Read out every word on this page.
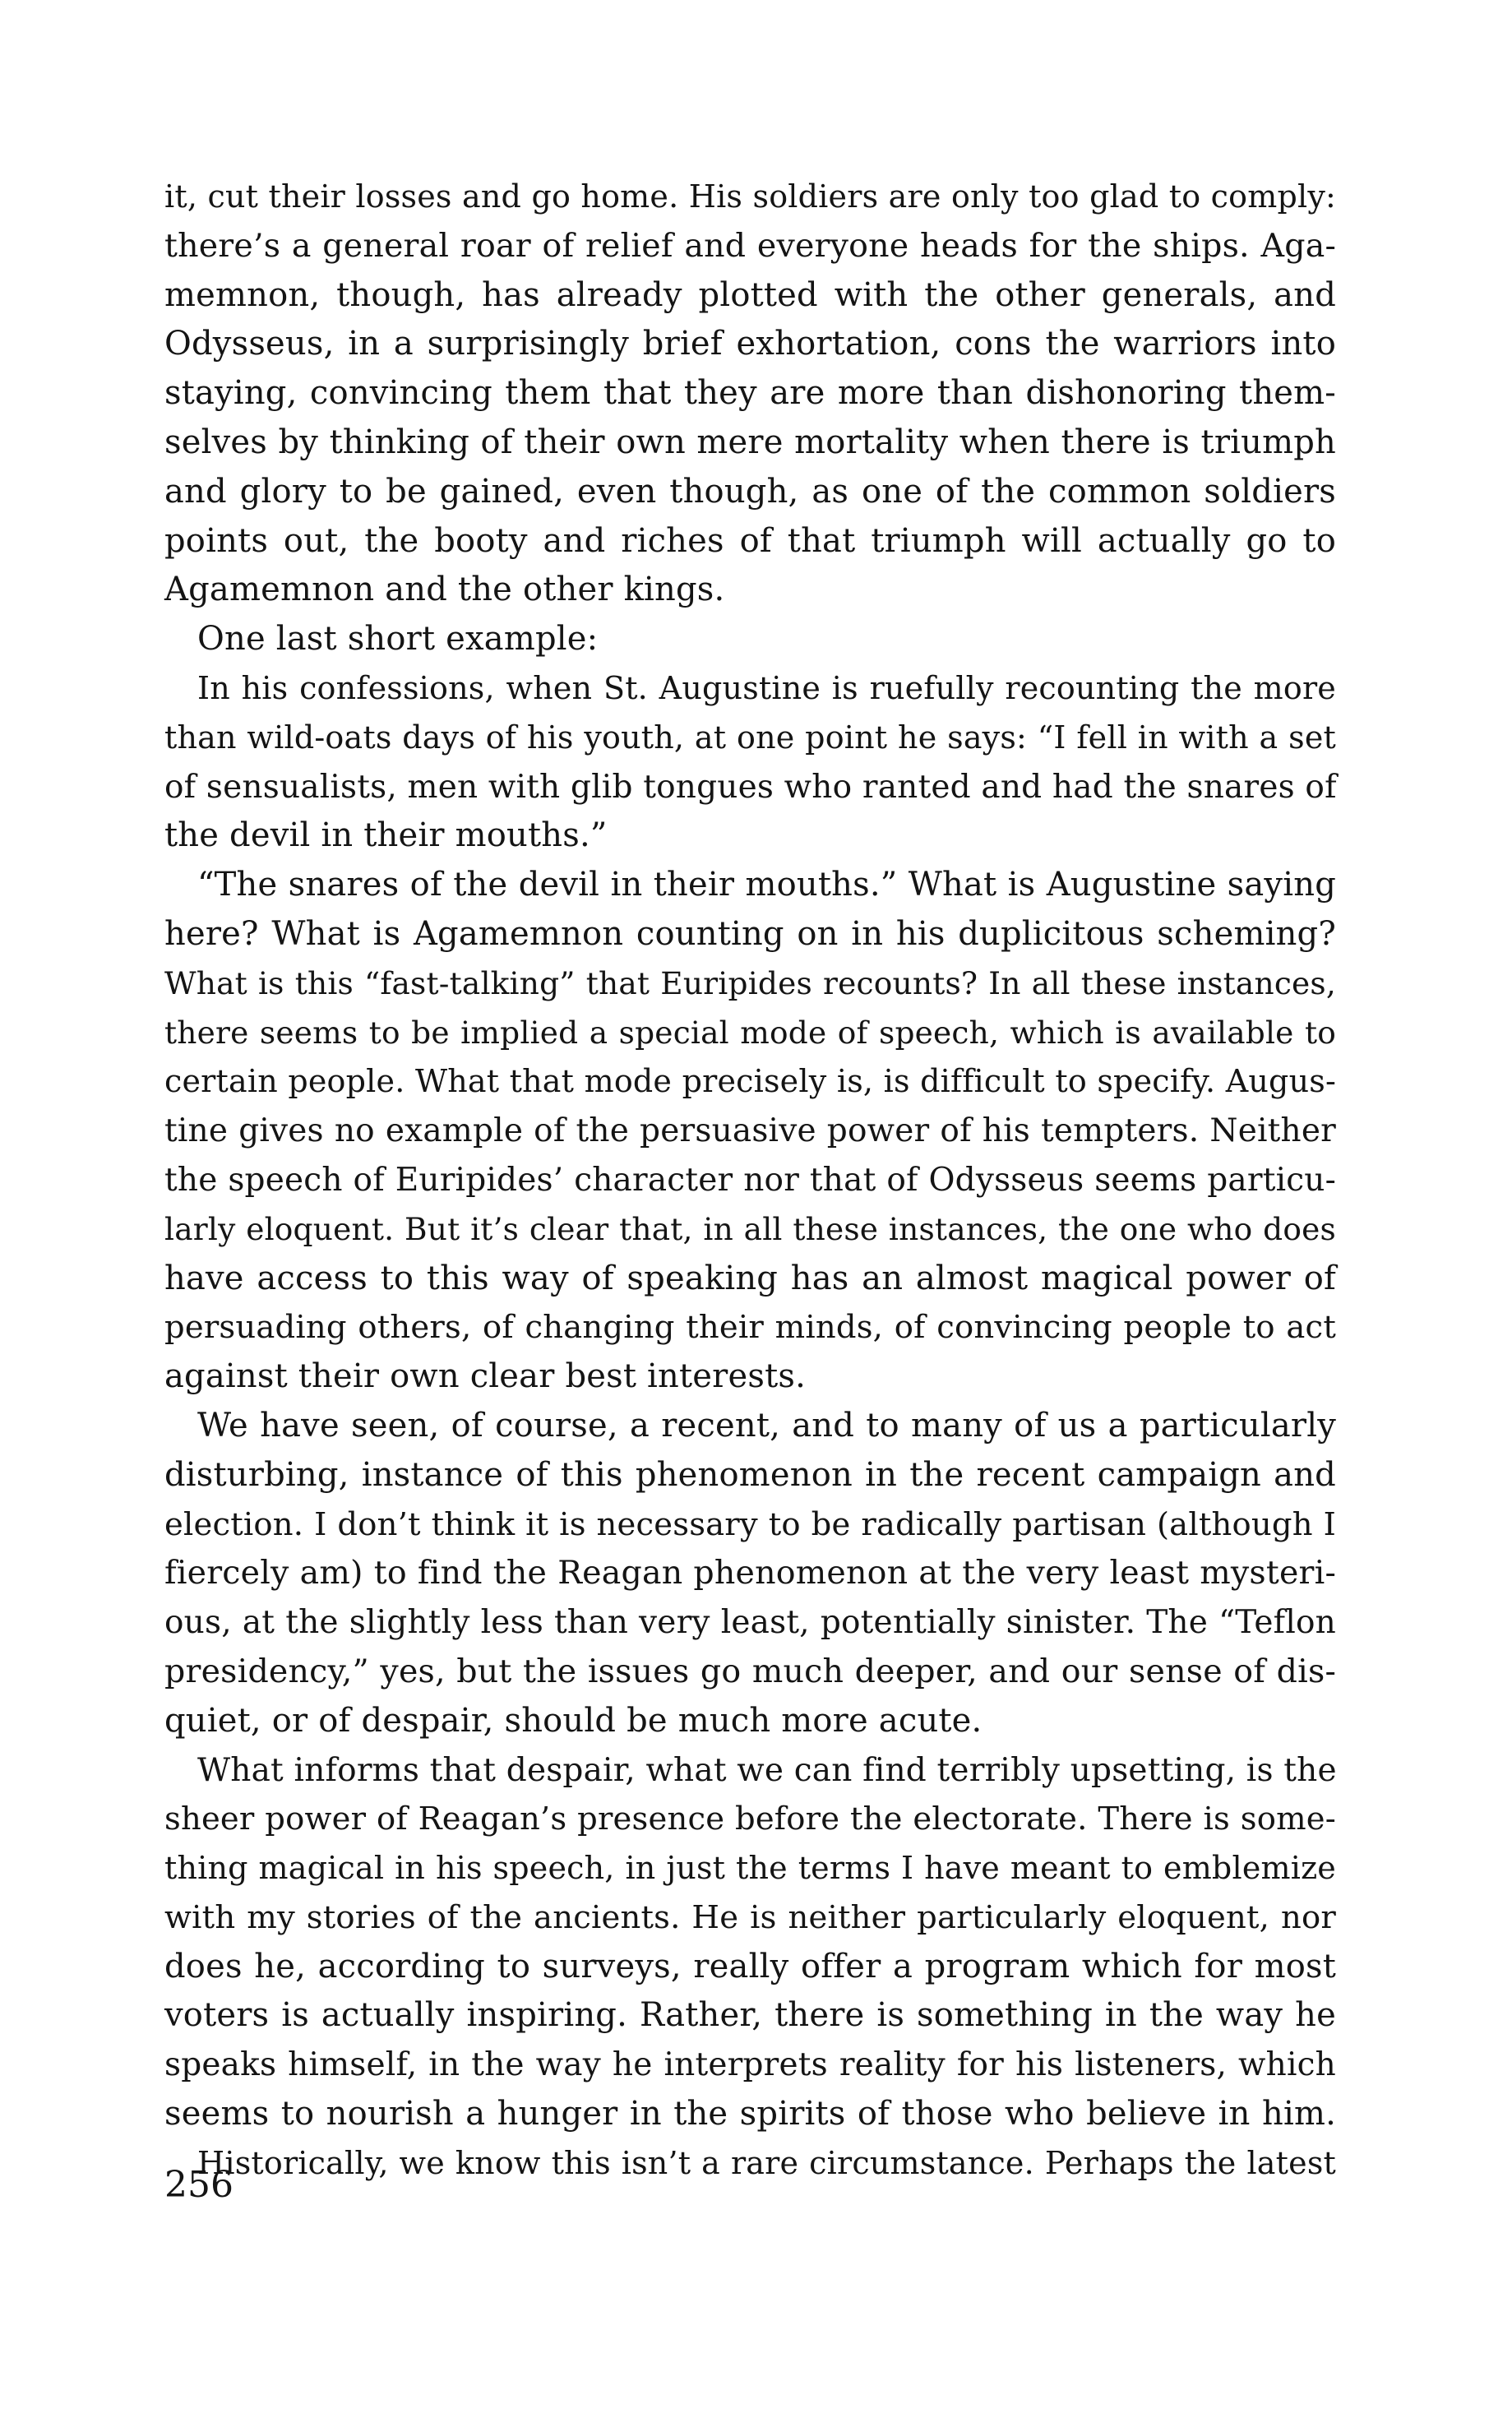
it, cut their losses and go home. His soldiers are only too glad to comply:
there’s a general roar of relief and everyone heads for the ships. Aga-
memnon, though, has already plotted with the other generals, and
Odysseus, in a surprisingly brief exhortation, cons the warriors into
staying, convincing them that they are more than dishonoring them-
selves by thinking of their own mere mortality when there is triumph
and glory to be gained, even though, as one of the common soldiers
points out, the booty and riches of that triumph will actually go to
Agamemnon and the other kings.
One last short example:
In his confessions, when St. Augustine is ruefully recounting the more
than wild-oats days of his youth, at one point he says: “I fell in with a set
of sensualists, men with glib tongues who ranted and had the snares of
the devil in their mouths.”
“The snares of the devil in their mouths.” What is Augustine saying
here? What is Agamemnon counting on in his duplicitous scheming?
What is this “fast-talking” that Euripides recounts? In all these instances,
there seems to be implied a special mode of speech, which is available to
certain people. What that mode precisely is, is difficult to specify. Augus-
tine gives no example of the persuasive power of his tempters. Neither
the speech of Euripides’ character nor that of Odysseus seems particu-
larly eloquent. But it’s clear that, in all these instances, the one who does
have access to this way of speaking has an almost magical power of
persuading others, of changing their minds, of convincing people to act
against their own clear best interests.
We have seen, of course, a recent, and to many of us a particularly
disturbing, instance of this phenomenon in the recent campaign and
election. I don’t think it is necessary to be radically partisan (although I
fiercely am) to find the Reagan phenomenon at the very least mysteri-
ous, at the slightly less than very least, potentially sinister. The “Teflon
presidency,” yes, but the issues go much deeper, and our sense of dis-
quiet, or of despair, should be much more acute.
What informs that despair, what we can find terribly upsetting, is the
sheer power of Reagan’s presence before the electorate. There is some-
thing magical in his speech, in just the terms I have meant to emblemize
with my stories of the ancients. He is neither particularly eloquent, nor
does he, according to surveys, really offer a program which for most
voters is actually inspiring. Rather, there is something in the way he
speaks himself, in the way he interprets reality for his listeners, which
seems to nourish a hunger in the spirits of those who believe in him.
Historically, we know this isn’t a rare circumstance. Perhaps the latest
256
